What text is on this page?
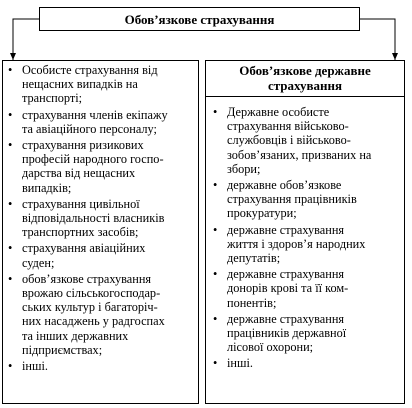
Обов’язкове страхування
• Особисте страхування від
нещасних випадків на
транспорті;
• страхування членів екіпажу
та авіаційного персоналу;
• страхування ризикових
професій народного госпо-
дарства від нещасних
випадків;
• страхування цивільної
відповідальності власників
транспортних засобів;
• страхування авіаційних
суден;
• обов’язкове страхування
врожаю сільськогосподар-
ських культур і багаторіч-
них насаджень у радгоспах
та інших державних
підприємствах;
• інші.
Обов’язкове державне
страхування
• Державне особисте
страхування військово-
службовців і військово-
зобов’язаних, призваних на
збори;
• державне обов’язкове
страхування працівників
прокуратури;
• державне страхування
життя і здоров’я народних
депутатів;
• державне страхування
донорів крові та її ком-
понентів;
• державне страхування
працівників державної
лісової охорони;
• інші.
